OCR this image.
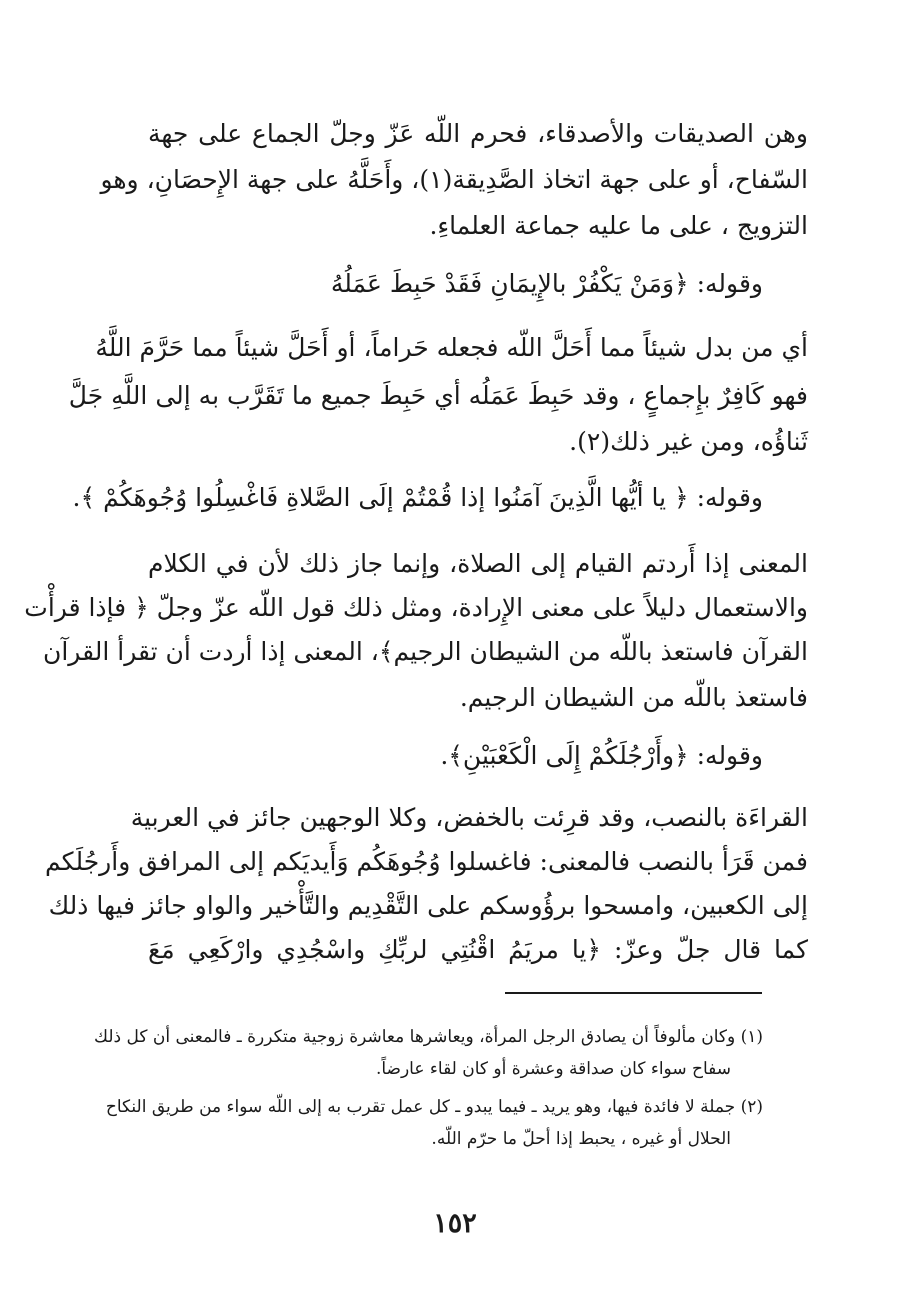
وهن الصديقات والأصدقاء، فحرم اللّه عَزّ وجلّ الجماع على جهة
السّفاح، أو على جهة اتخاذ الصَّدِيقة(١)، وأَحَلَّهُ على جهة الإِحصَانِ، وهو
التزويج ، على ما عليه جماعة العلماءِ.
وقوله: ﴿وَمَنْ يَكْفُرْ بالإِيمَانِ فَقَدْ حَبِطَ عَمَلُهُ
أي من بدل شيئاً مما أَحَلَّ اللّه فجعله حَراماً، أو أَحَلَّ شيئاً مما حَرَّمَ اللَّهُ
فهو كَافِرٌ بإِجماعٍ ، وقد حَبِطَ عَمَلُه أي حَبِطَ جميع ما تَقَرَّب به إلى اللَّهِ جَلَّ
ثَناؤُه، ومن غير ذلك(٢).
وقوله: ﴿ يا أيُّها الَّذِينَ آمَنُوا إذا قُمْتُمْ إلَى الصَّلاةِ فَاغْسِلُوا وُجُوهَكُمْ ﴾.
المعنى إذا أَردتم القيام إلى الصلاة، وإنما جاز ذلك لأن في الكلام
والاستعمال دليلاً على معنى الإِرادة، ومثل ذلك قول اللّه عزّ وجلّ ﴿ فإذا قرأْت
القرآن فاستعذ باللّه من الشيطان الرجيم﴾، المعنى إذا أردت أن تقرأ القرآن
فاستعذ باللّه من الشيطان الرجيم.
وقوله: ﴿وأَرْجُلَكُمْ إِلَى الْكَعْبَيْنِ﴾.
القراءَة بالنصب، وقد قرِئت بالخفض، وكلا الوجهين جائز في العربية
فمن قَرَأ بالنصب فالمعنى: فاغسلوا وُجُوهَكُم وَأَيديَكم إلى المرافق وأَرجُلَكم
إلى الكعبين، وامسحوا برؤُوسكم على التَّقْدِيم والتَّأْخير والواو جائز فيها ذلك
كما قال جلّ وعزّ: ﴿يا مريَمُ اقْنُتِي لربِّكِ واسْجُدِي وارْكَعِي مَعَ
(١) وكان مألوفاً أن يصادق الرجل المرأة، ويعاشرها معاشرة زوجية متكررة ـ فالمعنى أن كل ذلك
سفاح سواء كان صداقة وعشرة أو كان لقاء عارضاً.
(٢) جملة لا فائدة فيها، وهو يريد ـ فيما يبدو ـ كل عمل تقرب به إلى اللّه سواء من طريق النكاح
الحلال أو غيره ، يحبط إذا أحلّ ما حرّم اللّه.
١٥٢
